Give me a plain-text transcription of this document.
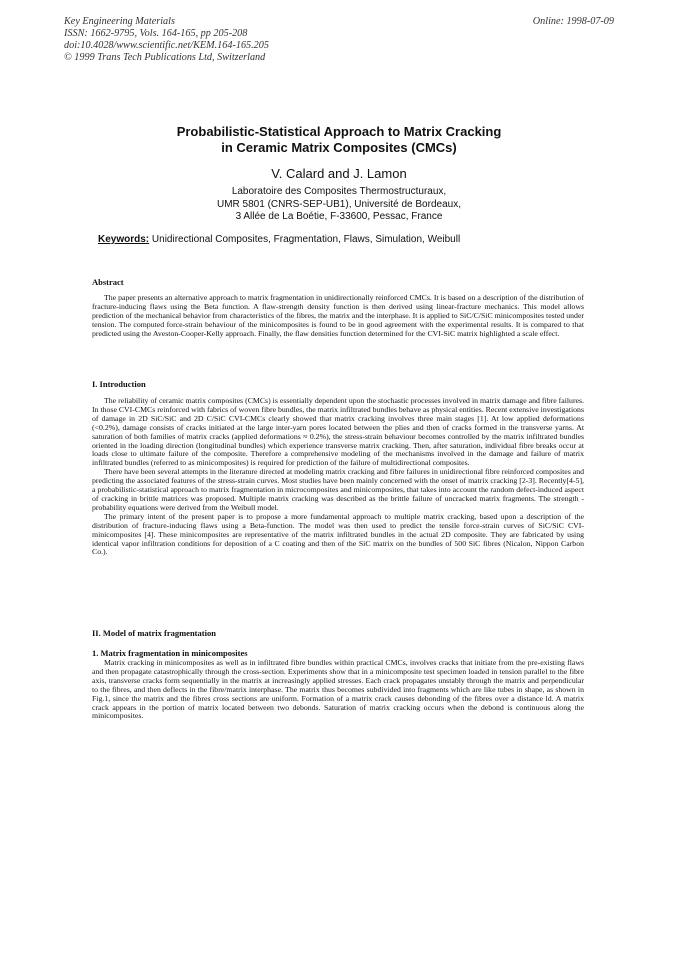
Key Engineering Materials
ISSN: 1662-9795, Vols. 164-165, pp 205-208
doi:10.4028/www.scientific.net/KEM.164-165.205
© 1999 Trans Tech Publications Ltd, Switzerland
Online: 1998-07-09
Probabilistic-Statistical Approach to Matrix Cracking
in Ceramic Matrix Composites (CMCs)
V. Calard and J. Lamon
Laboratoire des Composites Thermostructuraux,
UMR 5801 (CNRS-SEP-UB1), Université de Bordeaux,
3 Allée de La Boétie, F-33600, Pessac, France
Keywords: Unidirectional Composites, Fragmentation, Flaws, Simulation, Weibull
Abstract

The paper presents an alternative approach to matrix fragmentation in unidirectionally reinforced CMCs. It is based on a description of the distribution of fracture-inducing flaws using the Beta function. A flaw-strength density function is then derived using linear-fracture mechanics. This model allows prediction of the mechanical behavior from characteristics of the fibres, the matrix and the interphase. It is applied to SiC/C/SiC minicomposites tested under tension. The computed force-strain behaviour of the minicomposites is found to be in good agreement with the experimental results. It is compared to that predicted using the Aveston-Cooper-Kelly approach. Finally, the flaw densities function determined for the CVI-SiC matrix highlighted a scale effect.

I. Introduction

The reliability of ceramic matrix composites (CMCs) is essentially dependent upon the stochastic processes involved in matrix damage and fibre failures. In those CVI-CMCs reinforced with fabrics of woven fibre bundles, the matrix infiltrated bundles behave as physical entities. Recent extensive investigations of damage in 2D SiC/SiC and 2D C/SiC CVI-CMCs clearly showed that matrix cracking involves three main stages [1]. At low applied deformations (<0.2%), damage consists of cracks initiated at the large inter-yarn pores located between the plies and then of cracks formed in the transverse yarns. At saturation of both families of matrix cracks (applied deformations ≈ 0.2%), the stress-strain behaviour becomes controlled by the matrix infiltrated bundles oriented in the loading direction (longitudinal bundles) which experience transverse matrix cracking. Then, after saturation, individual fibre breaks occur at loads close to ultimate failure of the composite. Therefore a comprehensive modeling of the mechanisms involved in the damage and failure of matrix infiltrated bundles (referred to as minicomposites) is required for prediction of the failure of multidirectional composites.

There have been several attempts in the literature directed at modeling matrix cracking and fibre failures in unidirectional fibre reinforced composites and predicting the associated features of the stress-strain curves. Most studies have been mainly concerned with the onset of matrix cracking [2-3]. Recently[4-5], a probabilistic-statistical approach to matrix fragmentation in microcomposites and minicomposites, that takes into account the random defect-induced aspect of cracking in brittle matrices was proposed. Multiple matrix cracking was described as the brittle failure of uncracked matrix fragments. The strength - probability equations were derived from the Weibull model.

The primary intent of the present paper is to propose a more fundamental approach to multiple matrix cracking, based upon a description of the distribution of fracture-inducing flaws using a Beta-function. The model was then used to predict the tensile force-strain curves of SiC/SiC CVI-minicomposites [4]. These minicomposites are representative of the matrix infiltrated bundles in the actual 2D composite. They are fabricated by using identical vapor infiltration conditions for deposition of a C coating and then of the SiC matrix on the bundles of 500 SiC fibres (Nicalon, Nippon Carbon Co.).

II. Model of matrix fragmentation
1. Matrix fragmentation in minicomposites

Matrix cracking in minicomposites as well as in infiltrated fibre bundles within practical CMCs, involves cracks that initiate from the pre-existing flaws and then propagate catastrophically through the cross-section. Experiments show that in a minicomposite test specimen loaded in tension parallel to the fibre axis, transverse cracks form sequentially in the matrix at increasingly applied stresses. Each crack propagates unstably through the matrix and perpendicular to the fibres, and then deflects in the fibre/matrix interphase. The matrix thus becomes subdivided into fragments which are like tubes in shape, as shown in Fig.1, since the matrix and the fibres cross sections are uniform. Formation of a matrix crack causes debonding of the fibres over a distance ld. A matrix crack appears in the portion of matrix located between two debonds. Saturation of matrix cracking occurs when the debond is continuous along the minicomposites.
